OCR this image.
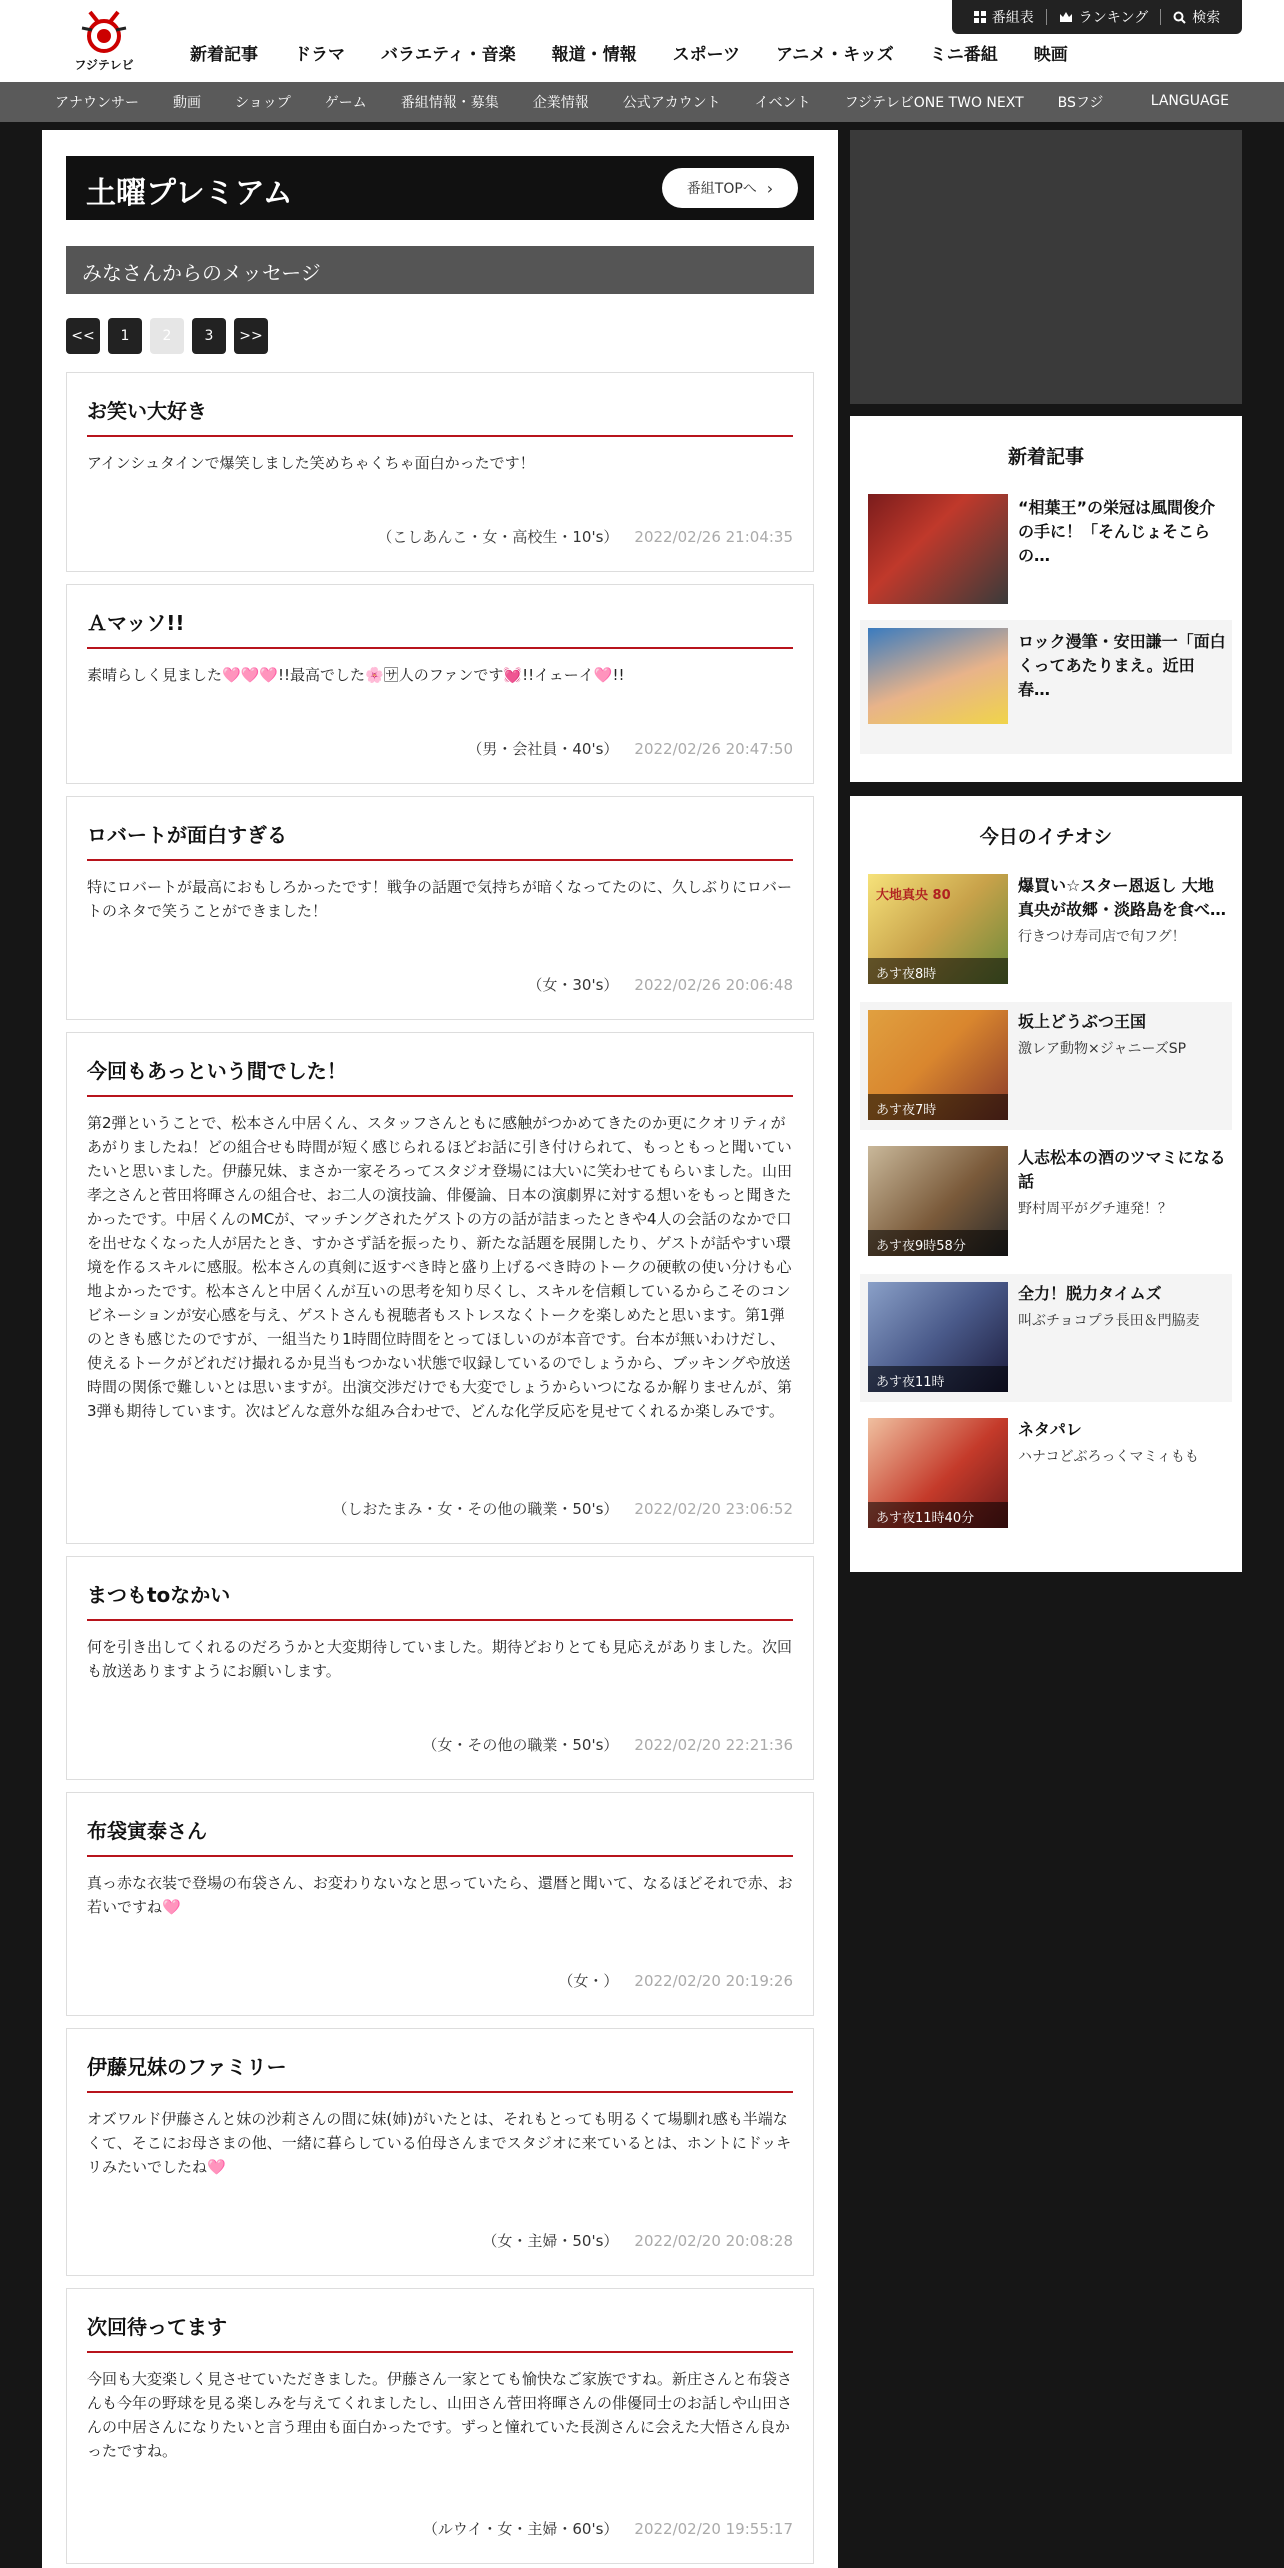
フジテレビ	新着記事	ドラマ	バラエティ・音楽	報道・情報	スポーツ	アニメ・キッズ	ミニ番組	映画
番組表	ランキング	検索
アナウンサー	動画	ショップ	ゲーム	番組情報・募集	企業情報	公式アカウント	イベント	フジテレビONE TWO NEXT	BSフジ	LANGUAGE
土曜プレミアム	番組TOPへ ›
みなさんからのメッセージ
<<	1	2	3	>>
お笑い大好き
アインシュタインで爆笑しました笑めちゃくちゃ面白かったです！
（こしあんこ・女・高校生・10's） 2022/02/26 21:04:35
Ａマッソ!!
素晴らしく見ました🩷🩷🩷!!最高でした🌸🈂人のファンです💓!!イェーイ🩷!!
（男・会社員・40's） 2022/02/26 20:47:50
ロバートが面白すぎる
特にロバートが最高におもしろかったです！戦争の話題で気持ちが暗くなってたのに、久しぶりにロバートのネタで笑うことができました！
（女・30's） 2022/02/26 20:06:48
今回もあっという間でした！
第2弾ということで、松本さん中居くん、スタッフさんともに感触がつかめてきたのか更にクオリティがあがりましたね！どの組合せも時間が短く感じられるほどお話に引き付けられて、もっともっと聞いていたいと思いました。伊藤兄妹、まさか一家そろってスタジオ登場には大いに笑わせてもらいました。山田孝之さんと菅田将暉さんの組合せ、お二人の演技論、俳優論、日本の演劇界に対する想いをもっと聞きたかったです。中居くんのMCが、マッチングされたゲストの方の話が詰まったときや4人の会話のなかで口を出せなくなった人が居たとき、すかさず話を振ったり、新たな話題を展開したり、ゲストが話やすい環境を作るスキルに感服。松本さんの真剣に返すべき時と盛り上げるべき時のトークの硬軟の使い分けも心地よかったです。松本さんと中居くんが互いの思考を知り尽くし、スキルを信頼しているからこそのコンビネーションが安心感を与え、ゲストさんも視聴者もストレスなくトークを楽しめたと思います。第1弾のときも感じたのですが、一組当たり1時間位時間をとってほしいのが本音です。台本が無いわけだし、使えるトークがどれだけ撮れるか見当もつかない状態で収録しているのでしょうから、ブッキングや放送時間の関係で難しいとは思いますが。出演交渉だけでも大変でしょうからいつになるか解りませんが、第3弾も期待しています。次はどんな意外な組み合わせで、どんな化学反応を見せてくれるか楽しみです。
（しおたまみ・女・その他の職業・50's） 2022/02/20 23:06:52
まつもtoなかい
何を引き出してくれるのだろうかと大変期待していました。期待どおりとても見応えがありました。次回も放送ありますようにお願いします。
（女・その他の職業・50's） 2022/02/20 22:21:36
布袋寅泰さん
真っ赤な衣装で登場の布袋さん、お変わりないなと思っていたら、還暦と聞いて、なるほどそれで赤、お若いですね🩷
（女・） 2022/02/20 20:19:26
伊藤兄妹のファミリー
オズワルド伊藤さんと妹の沙莉さんの間に妹(姉)がいたとは、それもとっても明るくて場馴れ感も半端なくて、そこにお母さまの他、一緒に暮らしている伯母さんまでスタジオに来ているとは、ホントにドッキリみたいでしたね🩷
（女・主婦・50's） 2022/02/20 20:08:28
次回待ってます
今回も大変楽しく見させていただきました。伊藤さん一家とても愉快なご家族ですね。新庄さんと布袋さんも今年の野球を見る楽しみを与えてくれましたし、山田さん菅田将暉さんの俳優同士のお話しや山田さんの中居さんになりたいと言う理由も面白かったです。ずっと憧れていた長渕さんに会えた大悟さん良かったですね。
（ルウイ・女・主婦・60's） 2022/02/20 19:55:17
新着記事
“相葉王”の栄冠は風間俊介の手に！「そんじょそこらの…
ロック漫筆・安田謙一「面白くってあたりまえ。近田春…
今日のイチオシ
大地真央 80
あす夜8時
爆買い☆スター恩返し 大地真央が故郷・淡路島を食べ…
行きつけ寿司店で旬フグ！
あす夜7時
坂上どうぶつ王国
激レア動物×ジャニーズSP
あす夜9時58分
人志松本の酒のツマミになる話
野村周平がグチ連発！？
あす夜11時
全力！脱力タイムズ
叫ぶチョコプラ長田＆門脇麦
あす夜11時40分
ネタパレ
ハナコどぶろっくマミィもも
